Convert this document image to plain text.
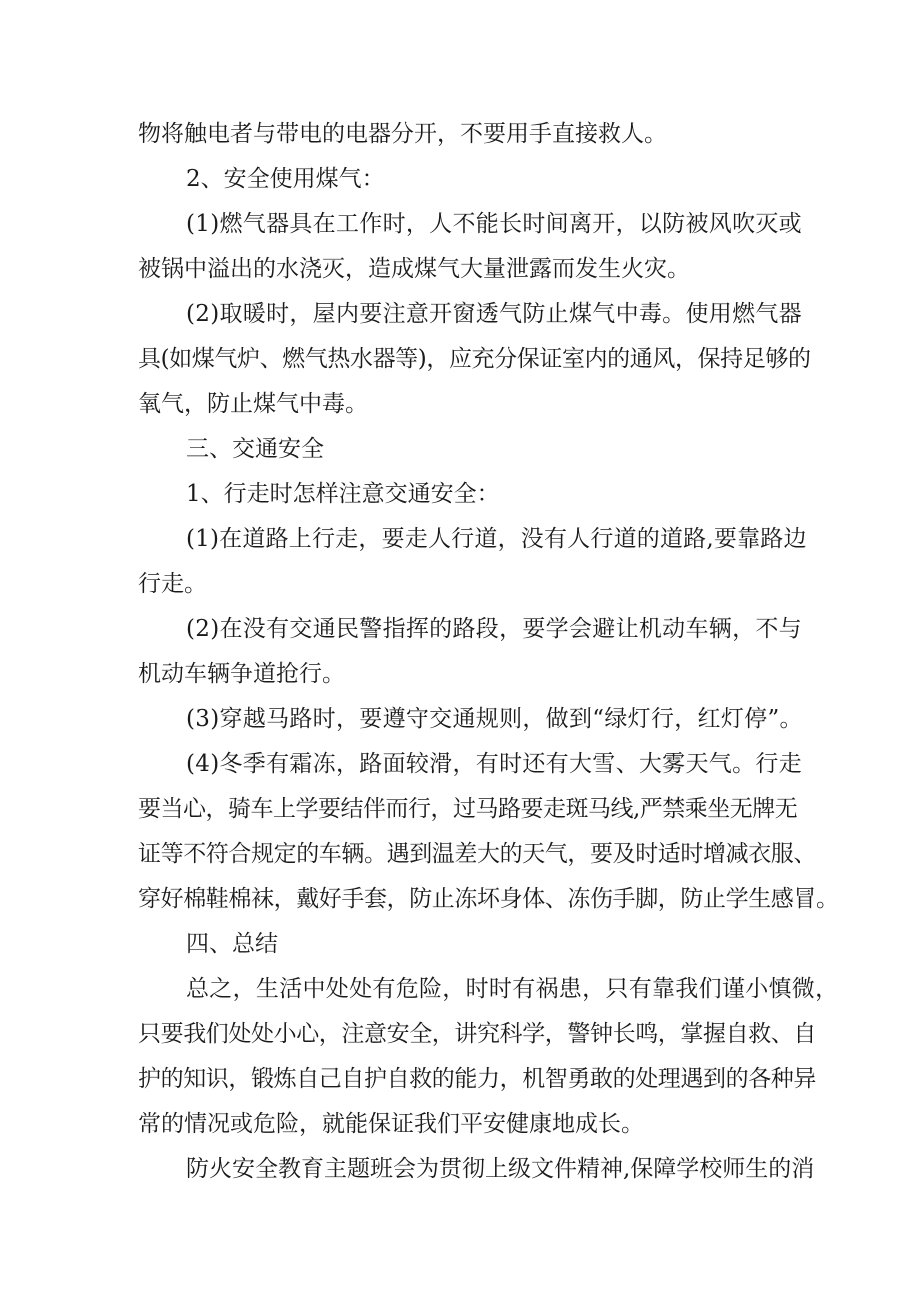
物将触电者与带电的电器分开，不要用手直接救人。
2、安全使用煤气：
(1)燃气器具在工作时，人不能长时间离开，以防被风吹灭或
被锅中溢出的水浇灭，造成煤气大量泄露而发生火灾。
(2)取暖时，屋内要注意开窗透气防止煤气中毒。使用燃气器
具(如煤气炉、燃气热水器等)，应充分保证室内的通风，保持足够的
氧气，防止煤气中毒。
三、交通安全
1、行走时怎样注意交通安全：
(1)在道路上行走，要走人行道，没有人行道的道路,要靠路边
行走。
(2)在没有交通民警指挥的路段，要学会避让机动车辆，不与
机动车辆争道抢行。
(3)穿越马路时，要遵守交通规则，做到“绿灯行，红灯停”。
(4)冬季有霜冻，路面较滑，有时还有大雪、大雾天气。行走
要当心，骑车上学要结伴而行，过马路要走斑马线,严禁乘坐无牌无
证等不符合规定的车辆。遇到温差大的天气，要及时适时增减衣服、
穿好棉鞋棉袜，戴好手套，防止冻坏身体、冻伤手脚，防止学生感冒。
四、总结
总之，生活中处处有危险，时时有祸患，只有靠我们谨小慎微，
只要我们处处小心，注意安全，讲究科学，警钟长鸣，掌握自救、自
护的知识，锻炼自己自护自救的能力，机智勇敢的处理遇到的各种异
常的情况或危险，就能保证我们平安健康地成长。
防火安全教育主题班会为贯彻上级文件精神,保障学校师生的消
